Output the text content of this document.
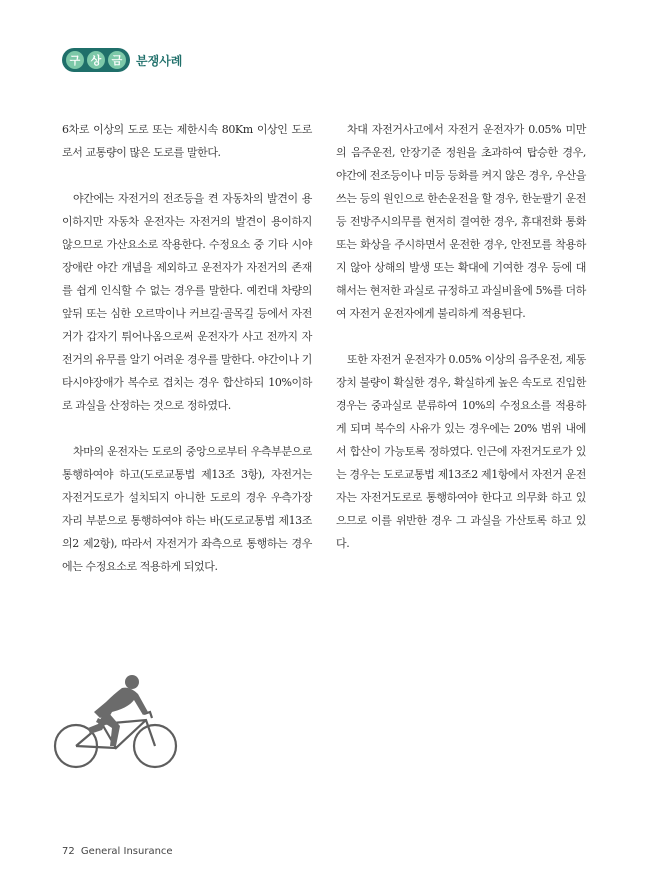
구 상 금	분쟁사례

6차로 이상의 도로 또는 제한시속 80Km 이상인 도로로서 교통량이 많은 도로를 말한다.

야간에는 자전거의 전조등을 켠 자동차의 발견이 용이하지만 자동차 운전자는 자전거의 발견이 용이하지 않으므로 가산요소로 작용한다. 수정요소 중 기타 시야장애란 야간 개념을 제외하고 운전자가 자전거의 존재를 쉽게 인식할 수 없는 경우를 말한다. 예컨대 차량의 앞뒤 또는 심한 오르막이나 커브길·골목길 등에서 자전거가 갑자기 튀어나옴으로써 운전자가 사고 전까지 자전거의 유무를 알기 어려운 경우를 말한다. 야간이나 기타시야장애가 복수로 겹치는 경우 합산하되 10%이하로 과실을 산정하는 것으로 정하였다.

차마의 운전자는 도로의 중앙으로부터 우측부분으로 통행하여야 하고(도로교통법 제13조 3항), 자전거는 자전거도로가 설치되지 아니한 도로의 경우 우측가장자리 부분으로 통행하여야 하는 바(도로교통법 제13조의2 제2항), 따라서 자전거가 좌측으로 통행하는 경우에는 수정요소로 적용하게 되었다.

차대 자전거사고에서 자전거 운전자가 0.05% 미만의 음주운전, 안장기준 정원을 초과하여 탑승한 경우, 야간에 전조등이나 미등 등화를 켜지 않은 경우, 우산을 쓰는 등의 원인으로 한손운전을 할 경우, 한눈팔기 운전 등 전방주시의무를 현저히 결여한 경우, 휴대전화 통화 또는 화상을 주시하면서 운전한 경우, 안전모를 착용하지 않아 상해의 발생 또는 확대에 기여한 경우 등에 대해서는 현저한 과실로 규정하고 과실비율에 5%를 더하여 자전거 운전자에게 불리하게 적용된다.

또한 자전거 운전자가 0.05% 이상의 음주운전, 제동장치 불량이 확실한 경우, 확실하게 높은 속도로 진입한 경우는 중과실로 분류하여 10%의 수정요소를 적용하게 되며 복수의 사유가 있는 경우에는 20% 범위 내에서 합산이 가능토록 정하였다. 인근에 자전거도로가 있는 경우는 도로교통법 제13조2 제1항에서 자전거 운전자는 자전거도로로 통행하여야 한다고 의무화 하고 있으므로 이를 위반한 경우 그 과실을 가산토록 하고 있다.

72 General Insurance
